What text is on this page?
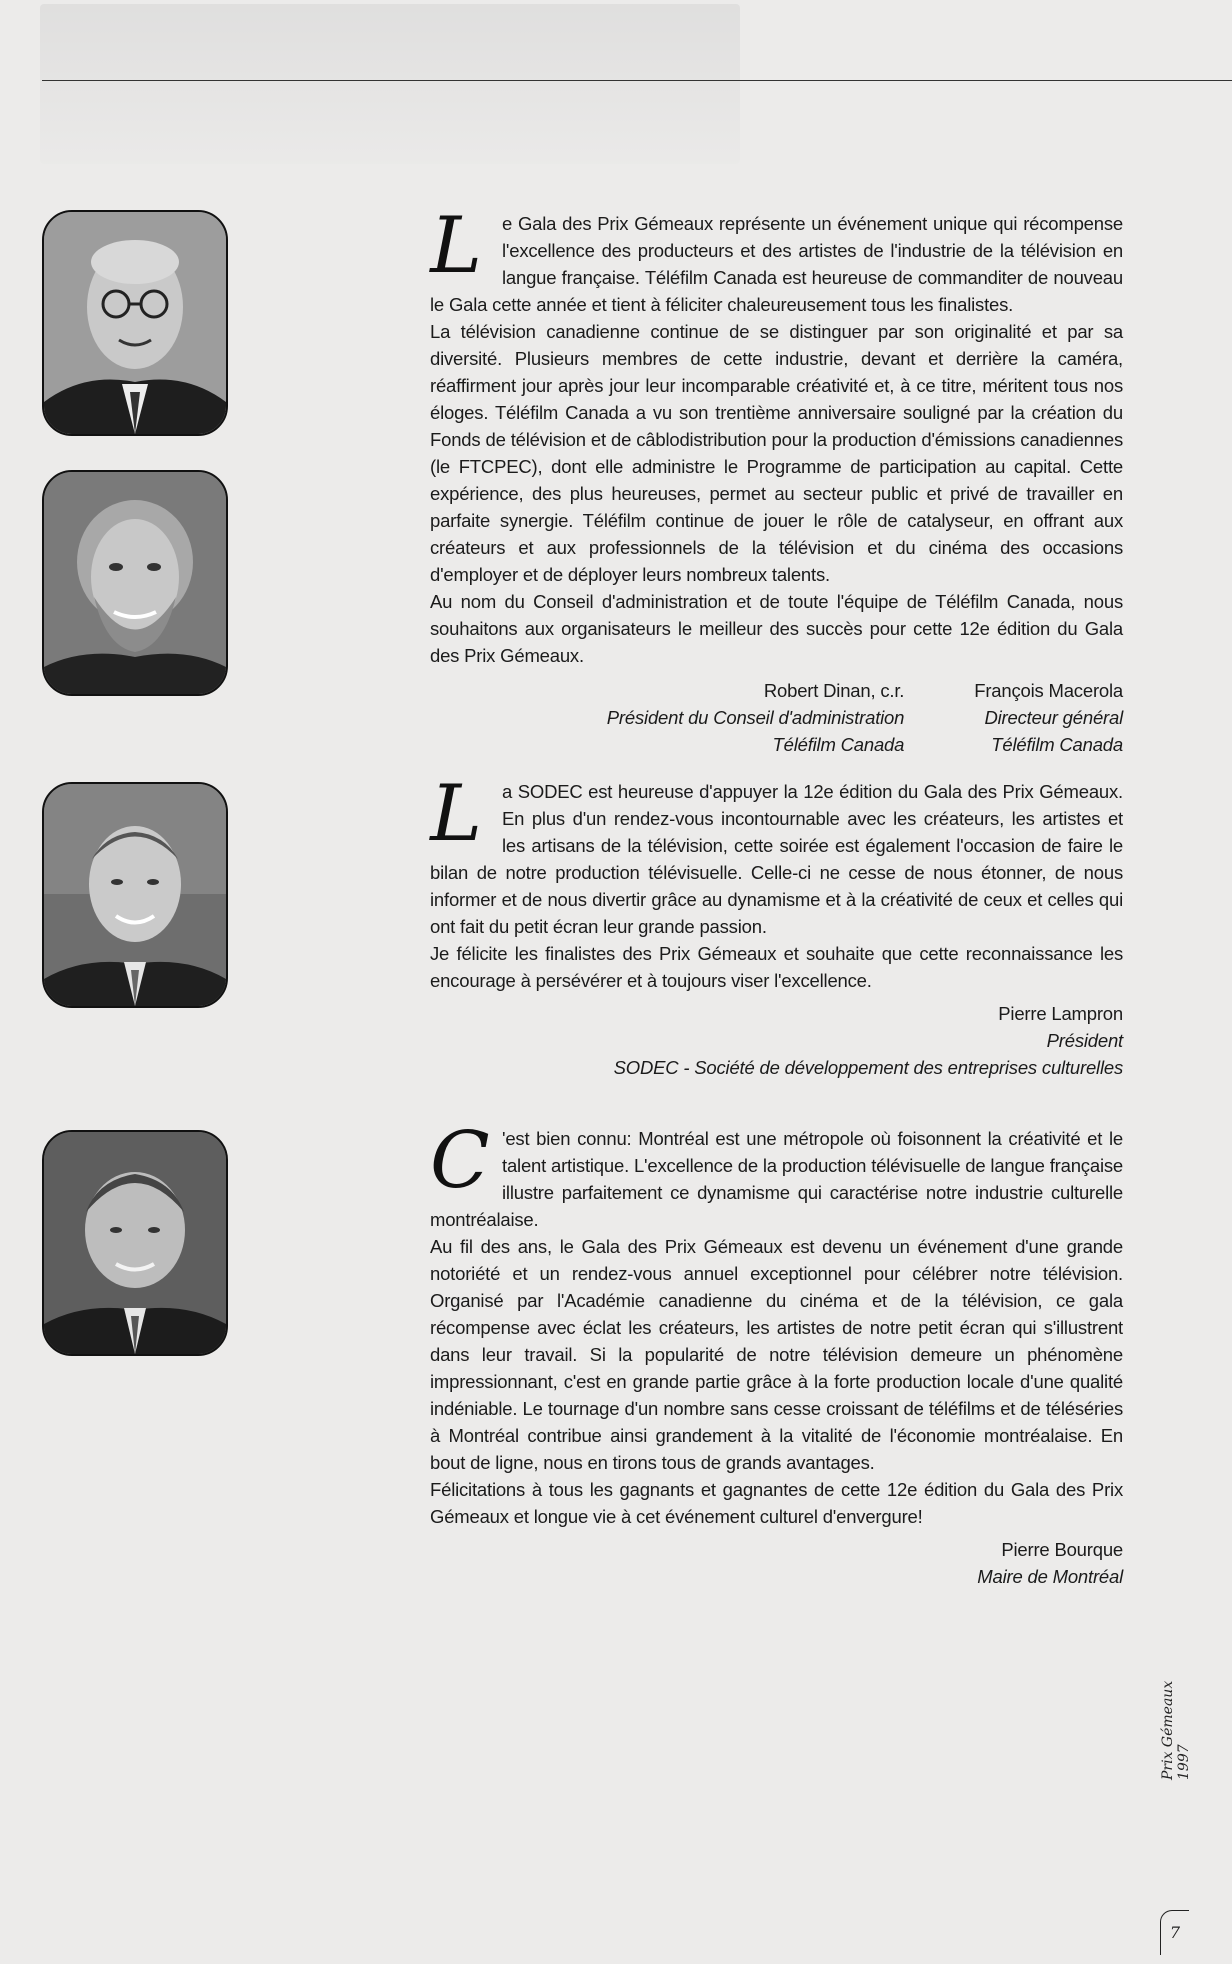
L	e Gala des Prix Gémeaux représente un événement unique qui récompense l'excellence des producteurs et des artistes de l'industrie de la télévision en langue française. Téléfilm Canada est heureuse de commanditer de nouveau le Gala cette année et tient à féliciter chaleureusement tous les finalistes.

La télévision canadienne continue de se distinguer par son originalité et par sa diversité. Plusieurs membres de cette industrie, devant et derrière la caméra, réaffirment jour après jour leur incomparable créativité et, à ce titre, méritent tous nos éloges. Téléfilm Canada a vu son trentième anniversaire souligné par la création du Fonds de télévision et de câblodistribution pour la production d'émissions canadiennes (le FTCPEC), dont elle administre le Programme de participation au capital. Cette expérience, des plus heureuses, permet au secteur public et privé de travailler en parfaite synergie. Téléfilm continue de jouer le rôle de catalyseur, en offrant aux créateurs et aux professionnels de la télévision et du cinéma des occasions d'employer et de déployer leurs nombreux talents.

Au nom du Conseil d'administration et de toute l'équipe de Téléfilm Canada, nous souhaitons aux organisateurs le meilleur des succès pour cette 12e édition du Gala des Prix Gémeaux.

Robert Dinan, c.r.
Président du Conseil d'administration
Téléfilm Canada
François Macerola
Directeur général
Téléfilm Canada
L	a SODEC est heureuse d'appuyer la 12e édition du Gala des Prix Gémeaux. En plus d'un rendez-vous incontournable avec les créateurs, les artistes et les artisans de la télévision, cette soirée est également l'occasion de faire le bilan de notre production télévisuelle. Celle-ci ne cesse de nous étonner, de nous informer et de nous divertir grâce au dynamisme et à la créativité de ceux et celles qui ont fait du petit écran leur grande passion.

Je félicite les finalistes des Prix Gémeaux et souhaite que cette reconnaissance les encourage à persévérer et à toujours viser l'excellence.

Pierre Lampron
Président
SODEC - Société de développement des entreprises culturelles
C 'est bien connu: Montréal est une métropole où foisonnent la créativité et le talent artistique. L'excellence de la production télévisuelle de langue française illustre parfaitement ce dynamisme qui caractérise notre industrie culturelle montréalaise.

Au fil des ans, le Gala des Prix Gémeaux est devenu un événement d'une grande notoriété et un rendez-vous annuel exceptionnel pour célébrer notre télévision. Organisé par l'Académie canadienne du cinéma et de la télévision, ce gala récompense avec éclat les créateurs, les artistes de notre petit écran qui s'illustrent dans leur travail. Si la popularité de notre télévision demeure un phénomène impressionnant, c'est en grande partie grâce à la forte production locale d'une qualité indéniable. Le tournage d'un nombre sans cesse croissant de téléfilms et de téléséries à Montréal contribue ainsi grandement à la vitalité de l'économie montréalaise. En bout de ligne, nous en tirons tous de grands avantages.

Félicitations à tous les gagnants et gagnantes de cette 12e édition du Gala des Prix Gémeaux et longue vie à cet événement culturel d'envergure!

Pierre Bourque
Maire de Montréal
Prix Gémeaux 1997
7
